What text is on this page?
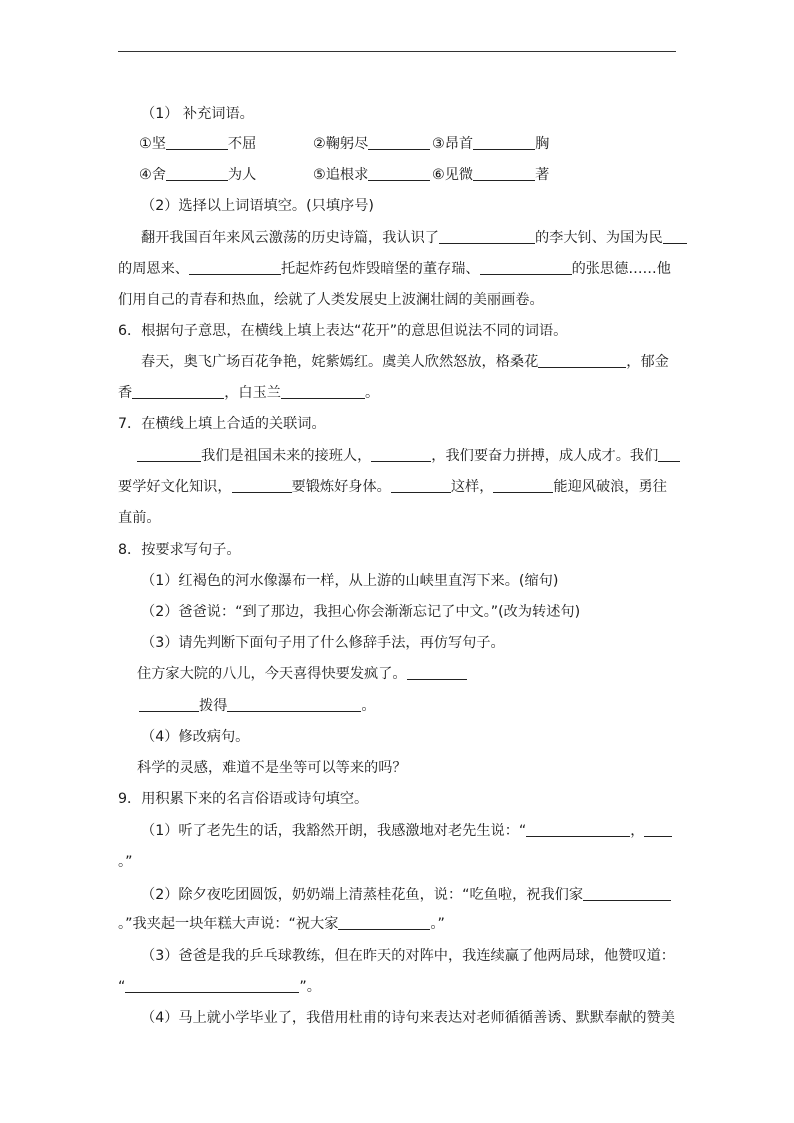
（1） 补充词语。
①坚	不屈	②鞠躬尽	③昂首	胸
④舍	为人	⑤追根求	⑥见微	著
（2）选择以上词语填空。(只填序号)
翻开我国百年来风云激荡的历史诗篇，我认识了	的李大钊、为国为民
的周恩来、	托起炸药包炸毁暗堡的董存瑞、	的张思德……他
们用自己的青春和热血，绘就了人类发展史上波澜壮阔的美丽画卷。
6．根据句子意思，在横线上填上表达“花开”的意思但说法不同的词语。
春天，奥飞广场百花争艳，姹紫嫣红。虞美人欣然怒放，格桑花	，郁金
香	，白玉兰	。
7．在横线上填上合适的关联词。
我们是祖国未来的接班人，	，我们要奋力拼搏，成人成才。我们
要学好文化知识，	要锻炼好身体。	这样，	能迎风破浪，勇往
直前。
8．按要求写句子。
（1）红褐色的河水像瀑布一样，从上游的山峡里直泻下来。(缩句)
（2）爸爸说：“到了那边，我担心你会渐渐忘记了中文。”(改为转述句)
（3）请先判断下面句子用了什么修辞手法，再仿写句子。
住方家大院的八儿，今天喜得快要发疯了。
拨得	。
（4）修改病句。
科学的灵感，难道不是坐等可以等来的吗？
9．用积累下来的名言俗语或诗句填空。
（1）听了老先生的话，我豁然开朗，我感激地对老先生说：“	，
。”
（2）除夕夜吃团圆饭，奶奶端上清蒸桂花鱼，说：“吃鱼啦，祝我们家
。”我夹起一块年糕大声说：“祝大家	。”
（3）爸爸是我的乒乓球教练，但在昨天的对阵中，我连续赢了他两局球，他赞叹道：
“	”。
（4）马上就小学毕业了，我借用杜甫的诗句来表达对老师循循善诱、默默奉献的赞美
